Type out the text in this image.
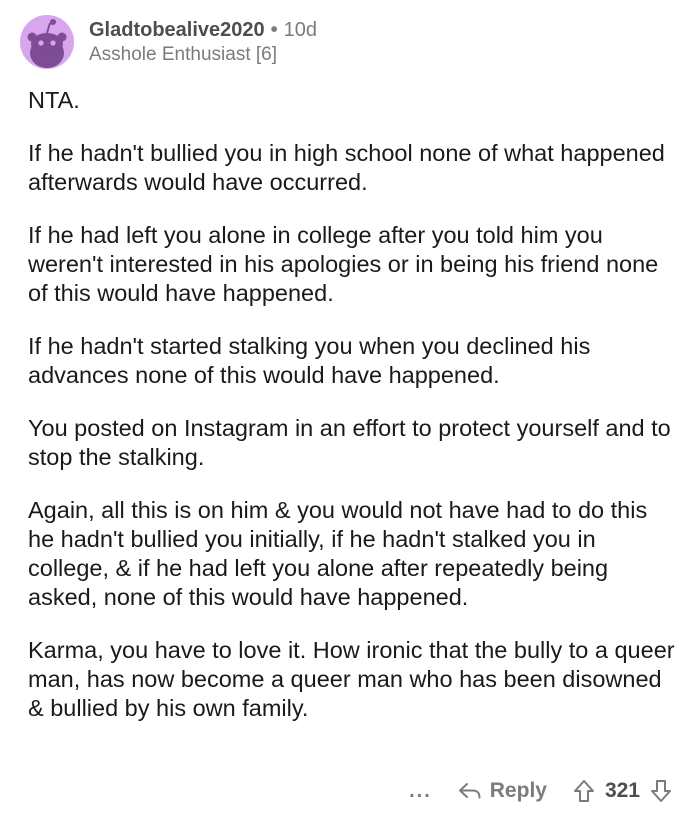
Gladtobealive2020 • 10d
Asshole Enthusiast [6]

NTA.

If he hadn't bullied you in high school none of what happened afterwards would have occurred.

If he had left you alone in college after you told him you weren't interested in his apologies or in being his friend none of this would have happened.

If he hadn't started stalking you when you declined his advances none of this would have happened.

You posted on Instagram in an effort to protect yourself and to stop the stalking.

Again, all this is on him & you would not have had to do this he hadn't bullied you initially, if he hadn't stalked you in college, & if he had left you alone after repeatedly being asked, none of this would have happened.

Karma, you have to love it. How ironic that the bully to a queer man, has now become a queer man who has been disowned & bullied by his own family.

...	Reply	321
